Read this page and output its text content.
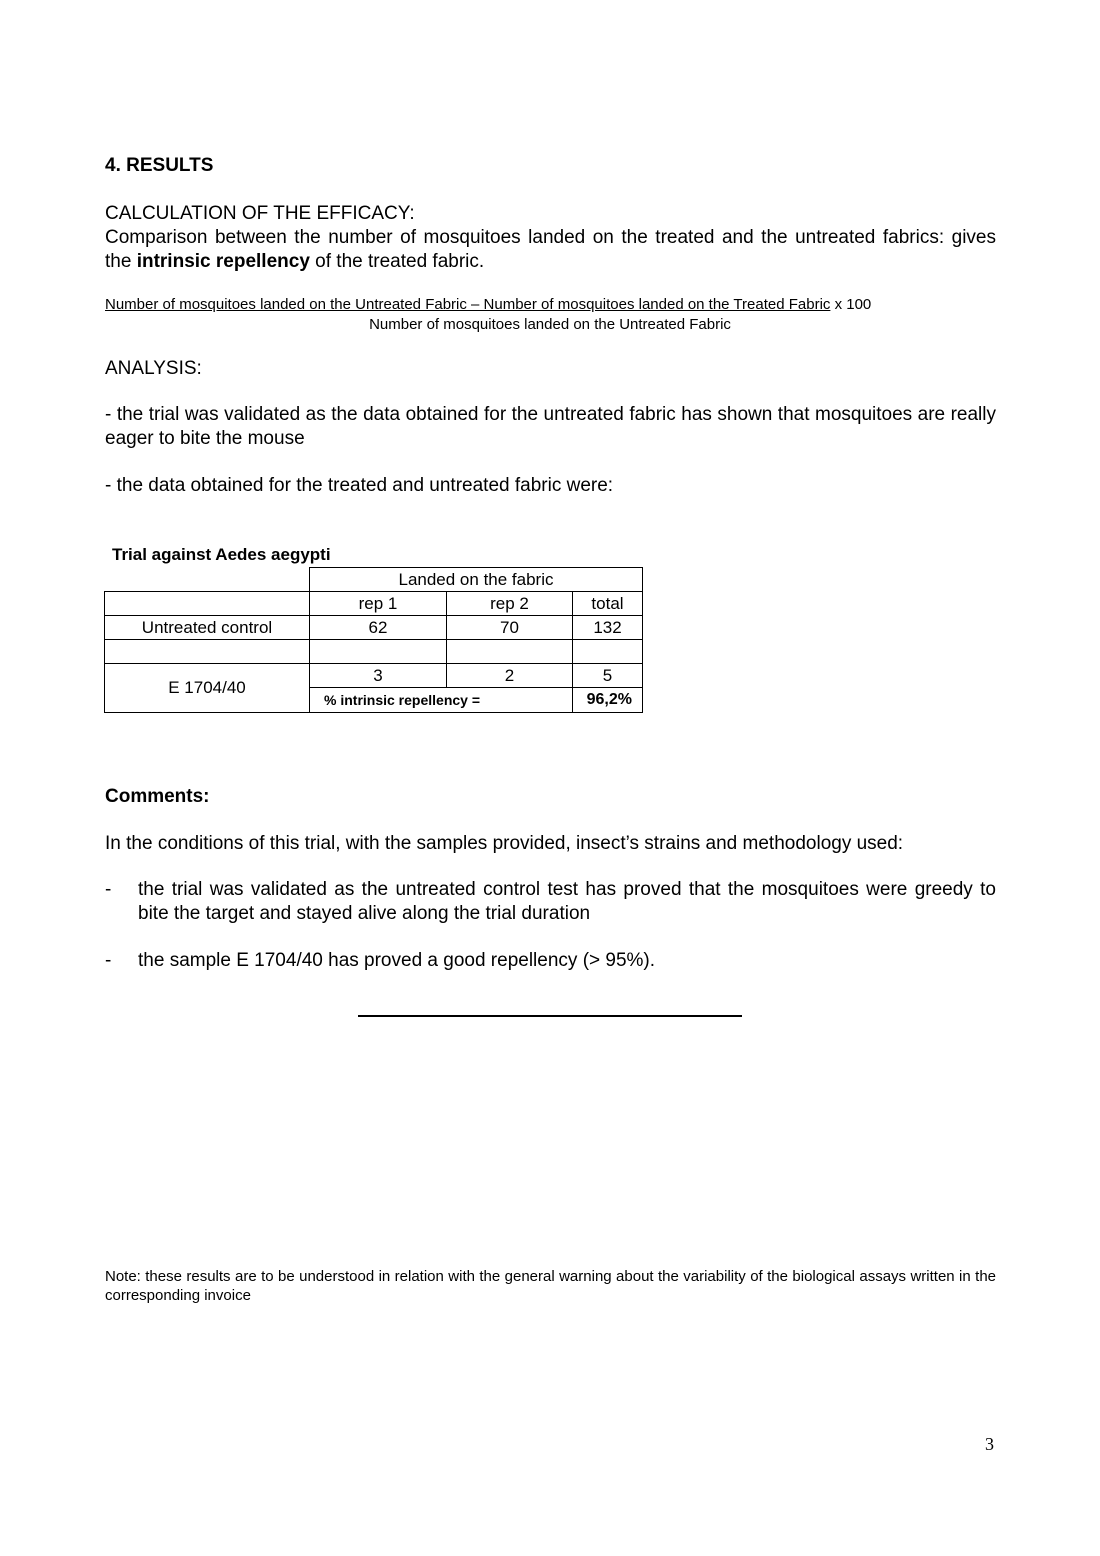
4. RESULTS
CALCULATION OF THE EFFICACY:
Comparison between the number of mosquitoes landed on the treated and the untreated fabrics: gives the intrinsic repellency of the treated fabric.
Number of mosquitoes landed on the Untreated Fabric – Number of mosquitoes landed on the Treated Fabric x 100
Number of mosquitoes landed on the Untreated Fabric
ANALYSIS:
- the trial was validated as the data obtained for the untreated fabric has shown that mosquitoes are really eager to bite the mouse
- the data obtained for the treated and untreated fabric were:
Trial against Aedes aegypti
	Landed on the fabric		
	rep 1	rep 2	total
Untreated control	62	70	132

E 1704/40	3	2	5
	% intrinsic repellency =		96,2%
Comments:
In the conditions of this trial, with the samples provided, insect’s strains and methodology used:
-	the trial was validated as the untreated control test has proved that the mosquitoes were greedy to bite the target and stayed alive along the trial duration
-	the sample E 1704/40 has proved a good repellency (> 95%).
Note: these results are to be understood in relation with the general warning about the variability of the biological assays written in the corresponding invoice
3
